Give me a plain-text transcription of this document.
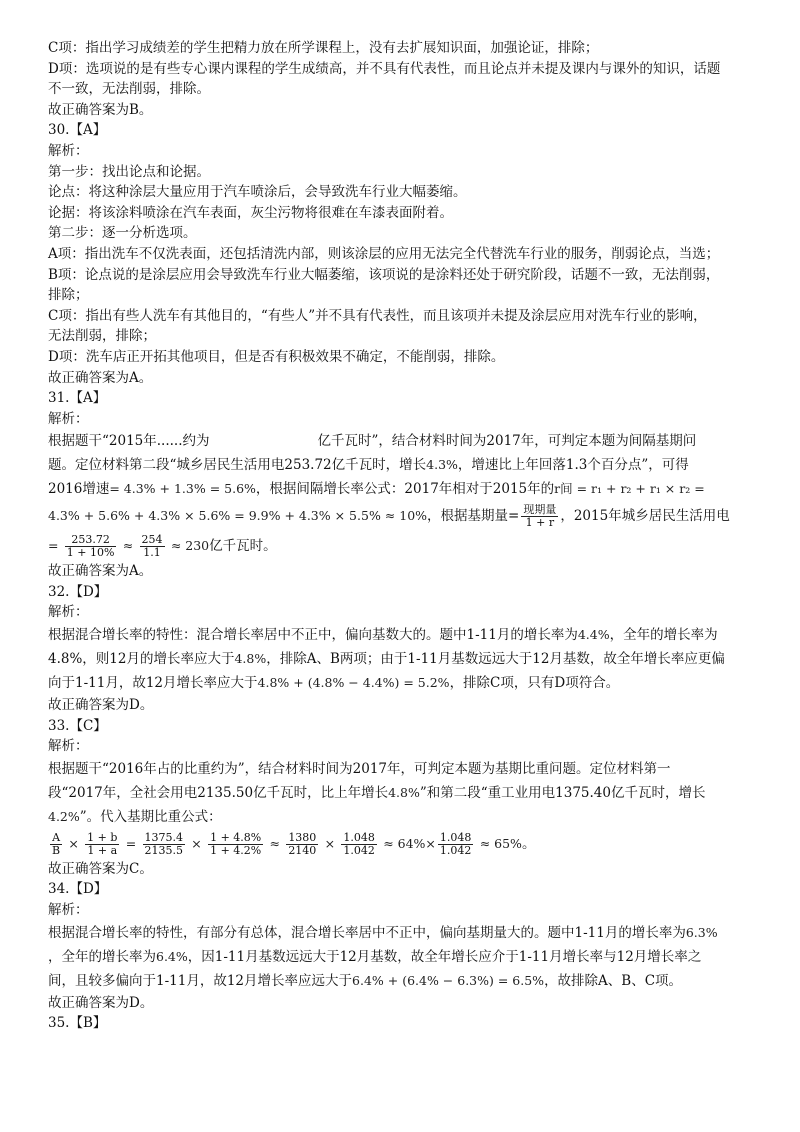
C项：指出学习成绩差的学生把精力放在所学课程上，没有去扩展知识面，加强论证，排除；
D项：选项说的是有些专心课内课程的学生成绩高，并不具有代表性，而且论点并未提及课内与课外的知识，话题
不一致，无法削弱，排除。
故正确答案为B。
30.【A】
解析：
第一步：找出论点和论据。
论点：将这种涂层大量应用于汽车喷涂后，会导致洗车行业大幅萎缩。
论据：将该涂料喷涂在汽车表面，灰尘污物将很难在车漆表面附着。
第二步：逐一分析选项。
A项：指出洗车不仅洗表面，还包括清洗内部，则该涂层的应用无法完全代替洗车行业的服务，削弱论点，当选；
B项：论点说的是涂层应用会导致洗车行业大幅萎缩，该项说的是涂料还处于研究阶段，话题不一致，无法削弱，
排除；
C项：指出有些人洗车有其他目的，“有些人”并不具有代表性，而且该项并未提及涂层应用对洗车行业的影响，
无法削弱，排除；
D项：洗车店正开拓其他项目，但是否有积极效果不确定，不能削弱，排除。
故正确答案为A。
31.【A】
解析：
根据题干“2015年......约为	亿千瓦时”，结合材料时间为2017年，可判定本题为间隔基期问
题。定位材料第二段“城乡居民生活用电253.72亿千瓦时，增长4.3%，增速比上年回落1.3个百分点”，可得
2016增速= 4.3% + 1.3% = 5.6%，根据间隔增长率公式：2017年相对于2015年的r间 = r₁ + r₂ + r₁ × r₂ =
4.3% + 5.6% + 4.3% × 5.6% = 9.9% + 4.3% × 5.5% ≈ 10%，根据基期量= $\frac{\text{现期量}}{1 + r}$ ，2015年城乡居民生活用电
= $\frac{253.72}{1 + 10\%} \approx \frac{254}{1.1} \approx 230$亿千瓦时。
故正确答案为A。
32.【D】
解析：
根据混合增长率的特性：混合增长率居中不正中，偏向基数大的。题中1-11月的增长率为4.4%，全年的增长率为
4.8%，则12月的增长率应大于4.8%，排除A、B两项；由于1-11月基数远远大于12月基数，故全年增长率应更偏
向于1-11月，故12月增长率应大于4.8% + (4.8% − 4.4%) = 5.2%，排除C项，只有D项符合。
故正确答案为D。
33.【C】
解析：
根据题干“2016年占的比重约为”，结合材料时间为2017年，可判定本题为基期比重问题。定位材料第一
段“2017年，全社会用电2135.50亿千瓦时，比上年增长4.8%”和第二段“重工业用电1375.40亿千瓦时，增长
4.2%”。代入基期比重公式：
$\frac{A}{B} \times \frac{1 + b}{1 + a} = \frac{1375.4}{2135.5} \times \frac{1 + 4.8\%}{1 + 4.2\%} \approx \frac{1380}{2140} \times \frac{1.048}{1.042} \approx 64\%\times \frac{1.048}{1.042} \approx 65\%$。
故正确答案为C。
34.【D】
解析：
根据混合增长率的特性，有部分有总体，混合增长率居中不正中，偏向基期量大的。题中1-11月的增长率为6.3%
，全年的增长率为6.4%，因1-11月基数远远大于12月基数，故全年增长应介于1-11月增长率与12月增长率之
间，且较多偏向于1-11月，故12月增长率应远大于6.4% + (6.4% − 6.3%) = 6.5%，故排除A、B、C项。
故正确答案为D。
35.【B】
